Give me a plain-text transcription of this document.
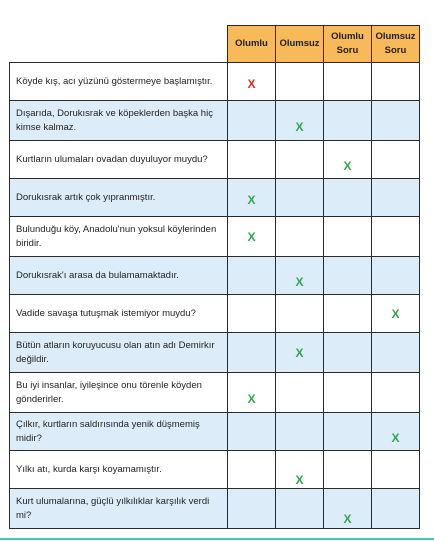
	Olumlu	Olumsuz	Olumlu Soru	Olumsuz Soru
Köyde kış, acı yüzünü göstermeye başlamıştır.	X			
Dışarıda, Dorukısrak ve köpeklerden başka hiç kimse kalmaz.		X		
Kurtların ulumaları ovadan duyuluyor muydu?			X	
Dorukısrak artık çok yıpranmıştır.	X			
Bulunduğu köy, Anadolu'nun yoksul köylerinden biridir.	X			
Dorukısrak'ı arasa da bulamamaktadır.		X		
Vadide savaşa tutuşmak istemiyor muydu?				X
Bütün atların koruyucusu olan atın adı Demirkır değildir.		X		
Bu iyi insanlar, iyileşince onu törenle köyden gönderirler.	X			
Çılkır, kurtların saldırısında yenik düşmemiş midir?				X
Yılkı atı, kurda karşı koyamamıştır.		X		
Kurt ulumalarına, güçlü yılkılıklar karşılık verdi mi?			X	
